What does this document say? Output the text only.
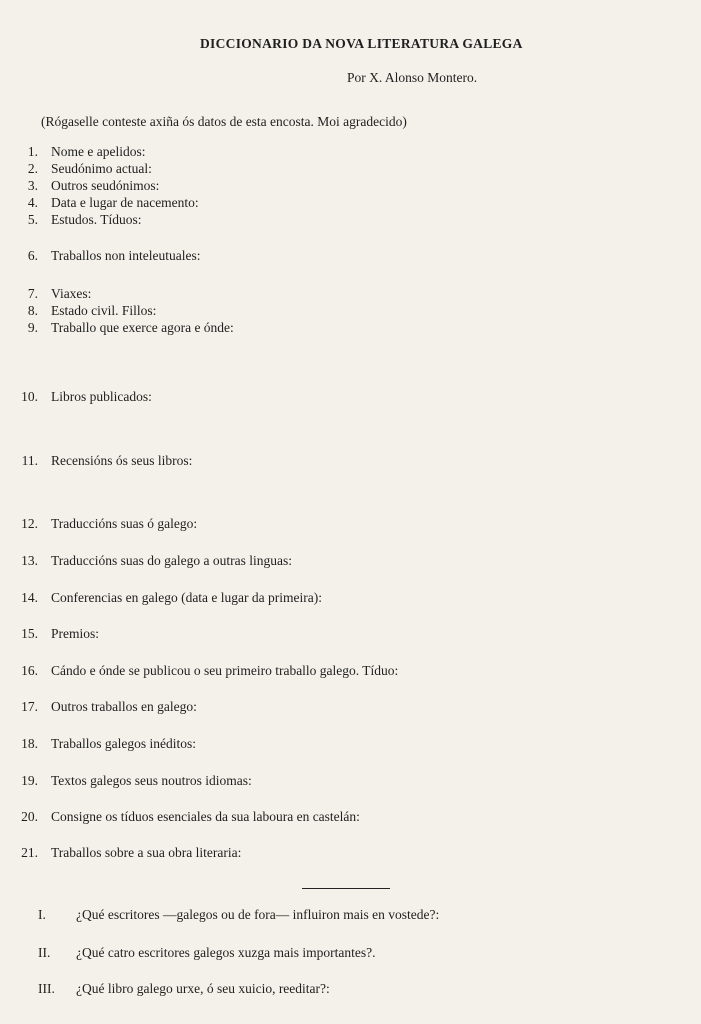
DICCIONARIO DA NOVA LITERATURA GALEGA
Por X. Alonso Montero.
(Rógaselle conteste axiña ós datos de esta encosta. Moi agradecido)
1. Nome e apelidos:
2. Seudónimo actual:
3. Outros seudónimos:
4. Data e lugar de nacemento:
5. Estudos. Tíduos:
6. Traballos non inteleutuales:
7. Viaxes:
8. Estado civil. Fillos:
9. Traballo que exerce agora e ónde:
10. Libros publicados:
11. Recensións ós seus libros:
12. Traduccións suas ó galego:
13. Traduccións suas do galego a outras linguas:
14. Conferencias en galego (data e lugar da primeira):
15. Premios:
16. Cándo e ónde se publicou o seu primeiro traballo galego. Tíduo:
17. Outros traballos en galego:
18. Traballos galegos inéditos:
19. Textos galegos seus noutros idiomas:
20. Consigne os tíduos esenciales da sua laboura en castelán:
21. Traballos sobre a sua obra literaria:
I. ¿Qué escritores —galegos ou de fora— influiron mais en vostede?:
II. ¿Qué catro escritores galegos xuzga mais importantes?.
III. ¿Qué libro galego urxe, ó seu xuicio, reeditar?:
